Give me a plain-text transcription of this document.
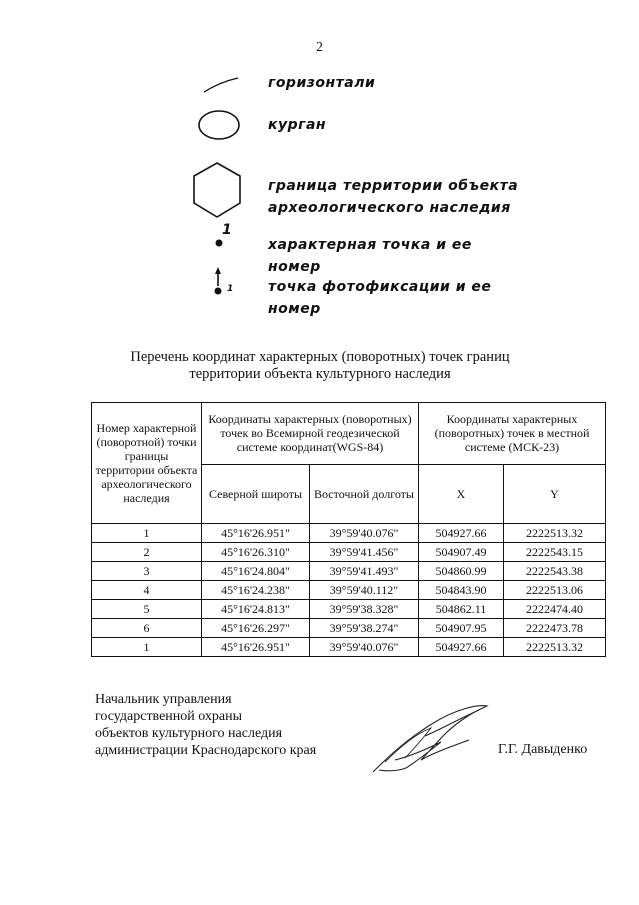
2
горизонтали
курган
граница территории объекта
археологического наследия
1
характерная точка и ее
номер
1 точка фотофиксации и ее
номер
Перечень координат характерных (поворотных) точек границ территории объекта культурного наследия
Номер характерной (поворотной) точки границы территории объекта археологического наследия	Координаты характерных (поворотных) точек во Всемирной геодезической системе координат(WGS-84)		Координаты характерных (поворотных) точек в местной системе (МСК-23)	
	Северной широты	Восточной долготы	X	Y
1	45°16'26.951"	39°59'40.076"	504927.66	2222513.32
2	45°16'26.310"	39°59'41.456"	504907.49	2222543.15
3	45°16'24.804"	39°59'41.493"	504860.99	2222543.38
4	45°16'24.238"	39°59'40.112"	504843.90	2222513.06
5	45°16'24.813"	39°59'38.328"	504862.11	2222474.40
6	45°16'26.297"	39°59'38.274"	504907.95	2222473.78
1	45°16'26.951"	39°59'40.076"	504927.66	2222513.32
Начальник управления
государственной охраны
объектов культурного наследия
администрации Краснодарского края	Г.Г. Давыденко
